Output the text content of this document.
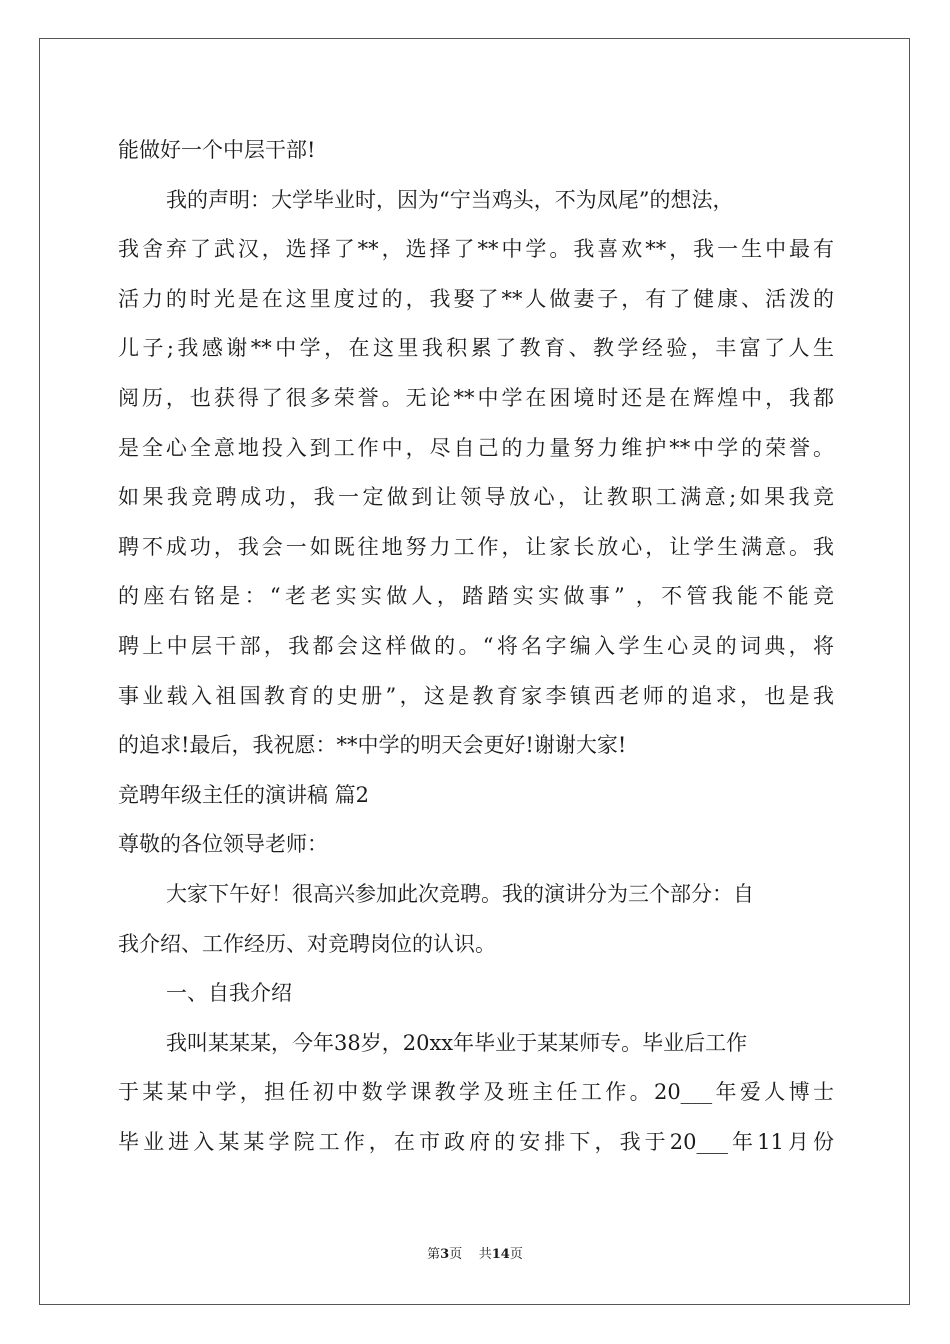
能做好一个中层干部!
我的声明：大学毕业时，因为“宁当鸡头，不为凤尾”的想法，
我舍弃了武汉，选择了**，选择了**中学。我喜欢**，我一生中最有
活力的时光是在这里度过的，我娶了**人做妻子，有了健康、活泼的
儿子;我感谢**中学，在这里我积累了教育、教学经验，丰富了人生
阅历，也获得了很多荣誉。无论**中学在困境时还是在辉煌中，我都
是全心全意地投入到工作中，尽自己的力量努力维护**中学的荣誉。
如果我竞聘成功，我一定做到让领导放心，让教职工满意;如果我竞
聘不成功，我会一如既往地努力工作，让家长放心，让学生满意。我
的座右铭是：“老老实实做人，踏踏实实做事” ，不管我能不能竞
聘上中层干部，我都会这样做的。“将名字编入学生心灵的词典，将
事业载入祖国教育的史册”，这是教育家李镇西老师的追求，也是我
的追求!最后，我祝愿：**中学的明天会更好!谢谢大家!
竞聘年级主任的演讲稿 篇2
尊敬的各位领导老师：
大家下午好！很高兴参加此次竞聘。我的演讲分为三个部分：自
我介绍、工作经历、对竞聘岗位的认识。
一、自我介绍
我叫某某某，今年38岁，20xx年毕业于某某师专。毕业后工作
于某某中学，担任初中数学课教学及班主任工作。20___年爱人博士
毕业进入某某学院工作，在市政府的安排下，我于20___年11月份
第3页 共14页
